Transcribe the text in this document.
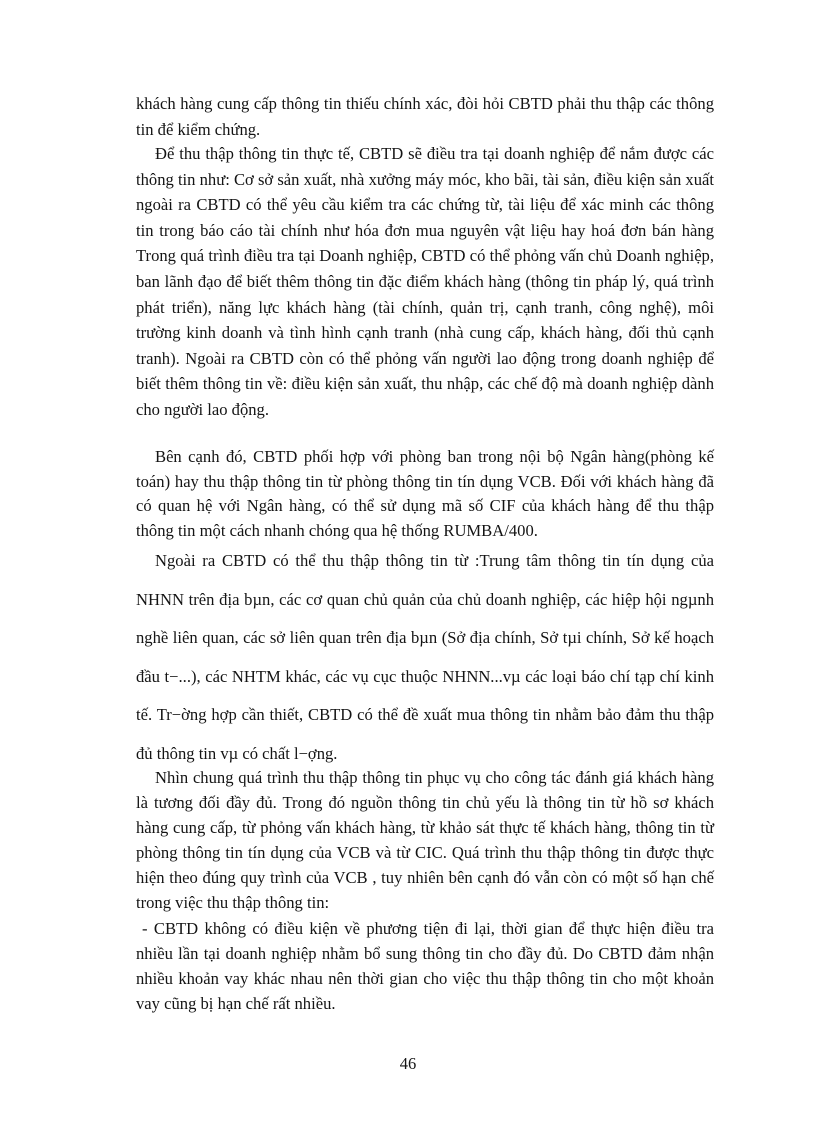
khách hàng cung cấp thông tin thiếu chính xác, đòi hỏi CBTD phải thu thập các thông tin để kiểm chứng.

Để thu thập thông tin thực tế, CBTD sẽ điều tra tại doanh nghiệp để nắm được các thông tin như: Cơ sở sản xuất, nhà xưởng máy móc, kho bãi, tài sản, điều kiện sản xuất ngoài ra CBTD có thể yêu cầu kiểm tra các chứng từ, tài liệu để xác minh các thông tin trong báo cáo tài chính như hóa đơn mua nguyên vật liệu hay hoá đơn bán hàng Trong quá trình điều tra tại Doanh nghiệp, CBTD có thể phỏng vấn chủ Doanh nghiệp, ban lãnh đạo để biết thêm thông tin đặc điểm khách hàng (thông tin pháp lý, quá trình phát triển), năng lực khách hàng (tài chính, quản trị, cạnh tranh, công nghệ), môi trường kinh doanh và tình hình cạnh tranh (nhà cung cấp, khách hàng, đối thủ cạnh tranh). Ngoài ra CBTD còn có thể phỏng vấn người lao động trong doanh nghiệp để biết thêm thông tin về: điều kiện sản xuất, thu nhập, các chế độ mà doanh nghiệp dành cho người lao động.

Bên cạnh đó, CBTD phối hợp với phòng ban trong nội bộ Ngân hàng(phòng kế toán) hay thu thập thông tin từ phòng thông tin tín dụng VCB. Đối với khách hàng đã có quan hệ với Ngân hàng, có thể sử dụng mã số CIF của khách hàng để thu thập thông tin một cách nhanh chóng qua hệ thống RUMBA/400.

Ngoài ra CBTD có thể thu thập thông tin từ :Trung tâm thông tin tín dụng của NHNN trên địa bµn, các cơ quan chủ quản của chủ doanh nghiệp, các hiệp hội ngµnh nghề liên quan, các sở liên quan trên địa bµn (Sở địa chính, Sở tµi chính, Sở kế hoạch đầu t−...), các NHTM khác, các vụ cục thuộc NHNN...vµ các loại báo chí tạp chí kinh tế. Tr−ờng hợp cần thiết, CBTD có thể đề xuất mua thông tin nhằm bảo đảm thu thập đủ thông tin vµ có chất l−ợng.

Nhìn chung quá trình thu thập thông tin phục vụ cho công tác đánh giá khách hàng là tương đối đầy đủ. Trong đó nguồn thông tin chủ yếu là thông tin từ hồ sơ khách hàng cung cấp, từ phỏng vấn khách hàng, từ khảo sát thực tế khách hàng, thông tin từ phòng thông tin tín dụng của VCB và từ CIC. Quá trình thu thập thông tin được thực hiện theo đúng quy trình của VCB , tuy nhiên bên cạnh đó vẫn còn có một số hạn chế trong việc thu thập thông tin:

- CBTD không có điều kiện về phương tiện đi lại, thời gian để thực hiện điều tra nhiều lần tại doanh nghiệp nhằm bổ sung thông tin cho đầy đủ. Do CBTD đảm nhận nhiều khoản vay khác nhau nên thời gian cho việc thu thập thông tin cho một khoản vay cũng bị hạn chế rất nhiều.

46
